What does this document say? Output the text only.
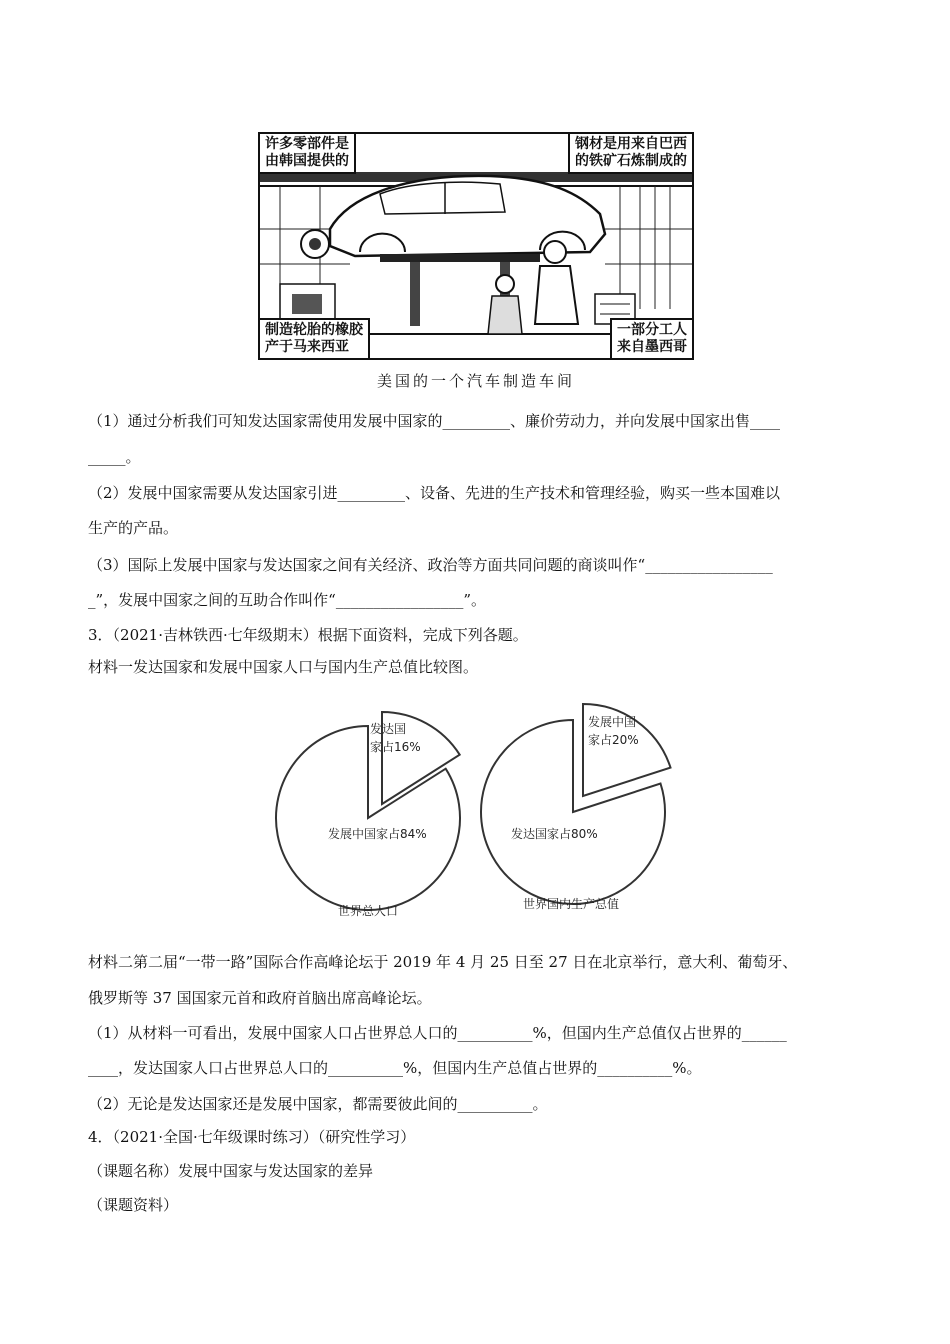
许多零部件是
由韩国提供的
钢材是用来自巴西
的铁矿石炼制成的
制造轮胎的橡胶
产于马来西亚
一部分工人
来自墨西哥
美国的一个汽车制造车间
（1）通过分析我们可知发达国家需使用发展中国家的_________、廉价劳动力，并向发展中国家出售____
_____。
（2）发展中国家需要从发达国家引进_________、设备、先进的生产技术和管理经验，购买一些本国难以
生产的产品。
（3）国际上发展中国家与发达国家之间有关经济、政治等方面共同问题的商谈叫作“_________________
_”，发展中国家之间的互助合作叫作“_________________”。
3．（2021·吉林铁西·七年级期末）根据下面资料，完成下列各题。
材料一发达国家和发展中国家人口与国内生产总值比较图。
发达国
家占16%
发展中国家占84%
世界总人口
发展中国
家占20%
发达国家占80%
世界国内生产总值
材料二第二届“一带一路”国际合作高峰论坛于 2019 年 4 月 25 日至 27 日在北京举行，意大利、葡萄牙、
俄罗斯等 37 国国家元首和政府首脑出席高峰论坛。
（1）从材料一可看出，发展中国家人口占世界总人口的__________%，但国内生产总值仅占世界的______
____，发达国家人口占世界总人口的__________%，但国内生产总值占世界的__________%。
（2）无论是发达国家还是发展中国家，都需要彼此间的__________。
4．（2021·全国·七年级课时练习）（研究性学习）
（课题名称）发展中国家与发达国家的差异
（课题资料）
